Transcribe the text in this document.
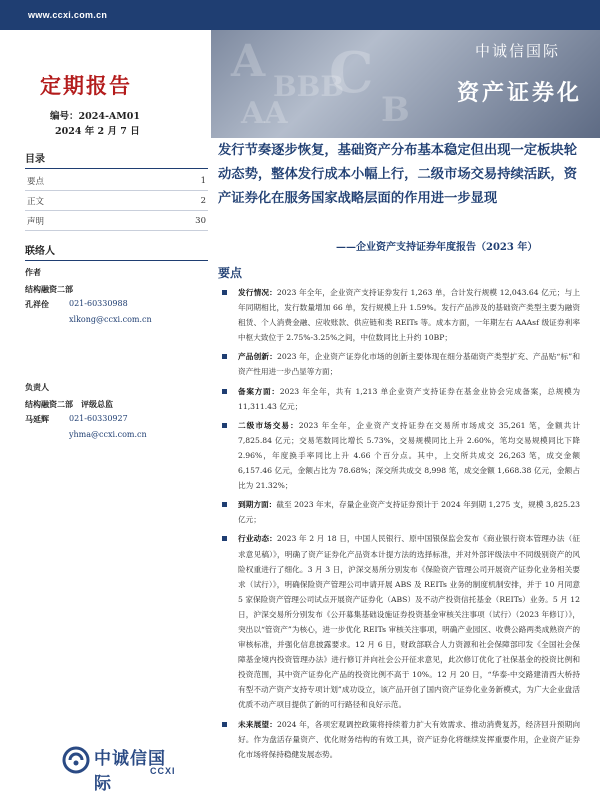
www.ccxi.com.cn
A BBB
C
AA	B
中诚信国际
资产证券化
定期报告
编号：2024-AM01
2024 年 2 月 7 日
目录
要点	1
正文	2
声明	30
联络人
作者
结构融资二部
孔祥佺	021-60330988
xlkong@ccxi.com.cn
负责人
结构融资二部　评级总监
马延辉	021-60330927
yhma@ccxi.com.cn
中诚信国际
CCXI
发行节奏逐步恢复，基础资产分布基本稳定但出现一定板块轮动态势，整体发行成本小幅上行，二级市场交易持续活跃，资产证券化在服务国家战略层面的作用进一步显现
——企业资产支持证券年度报告（2023 年）
要点
发行情况：2023 年全年，企业资产支持证券发行 1,263 单，合计发行规模 12,043.64 亿元；与上年同期相比，发行数量增加 66 单，发行规模上升 1.59%。发行产品涉及的基础资产类型主要为融资租赁、个人消费金融、应收账款、供应链和类 REITs 等。成本方面，一年期左右 AAAsf 级证券利率中枢大致位于 2.75%-3.25%之间，中位数同比上升约 10BP；
产品创新：2023 年，企业资产证券化市场的创新主要体现在细分基础资产类型扩充、产品贴“标”和资产性用进一步凸显等方面；
备案方面：2023 年全年，共有 1,213 单企业资产支持证券在基金业协会完成备案，总规模为 11,311.43 亿元；
二级市场交易：2023 年全年，企业资产支持证券在交易所市场成交 35,261 笔，金额共计 7,825.84 亿元；交易笔数同比增长 5.73%，交易规模同比上升 2.60%，笔均交易规模同比下降 2.96%，年度换手率同比上升 4.66 个百分点。其中，上交所共成交 26,263 笔，成交金额 6,157.46 亿元，金额占比为 78.68%；深交所共成交 8,998 笔，成交金额 1,668.38 亿元，金额占比为 21.32%；
到期方面：截至 2023 年末，存量企业资产支持证券预计于 2024 年到期 1,275 支，规模 3,825.23 亿元；
行业动态：2023 年 2 月 18 日，中国人民银行、原中国银保监会发布《商业银行资本管理办法（征求意见稿）》，明确了资产证券化产品资本计提方法的选择标准，并对外部评级法中不同级别资产的风险权重进行了细化。3 月 3 日，沪深交易所分别发布《保险资产管理公司开展资产证券化业务相关要求（试行）》，明确保险资产管理公司申请开展 ABS 及 REITs 业务的制度机制安排，并于 10 月同意 5 家保险资产管理公司试点开展资产证券化（ABS）及不动产投资信托基金（REITs）业务。5 月 12 日，沪深交易所分别发布《公开募集基础设施证券投资基金审核关注事项（试行）（2023 年修订）》，突出以“管资产”为核心，进一步优化 REITs 审核关注事项，明确产业园区、收费公路两类成熟资产的审核标准，并强化信息披露要求。12 月 6 日，财政部联合人力资源和社会保障部印发《全国社会保障基金境内投资管理办法》进行修订并向社会公开征求意见，此次修订优化了社保基金的投资比例和投资范围，其中资产证券化产品的投资比例不高于 10%。12 月 20 日，“华泰-中交路建清西大桥持有型不动产资产支持专项计划”成功设立，该产品开创了国内资产证券化业务新模式，为广大企业盘活优质不动产项目提供了新的可行路径和良好示范。
未来展望：2024 年，各项宏观调控政策将持续着力扩大有效需求、推动消费复苏，经济回升预期向好。作为盘活存量资产、优化财务结构的有效工具，资产证券化将继续发挥重要作用，企业资产证券化市场将保持稳健发展态势。
